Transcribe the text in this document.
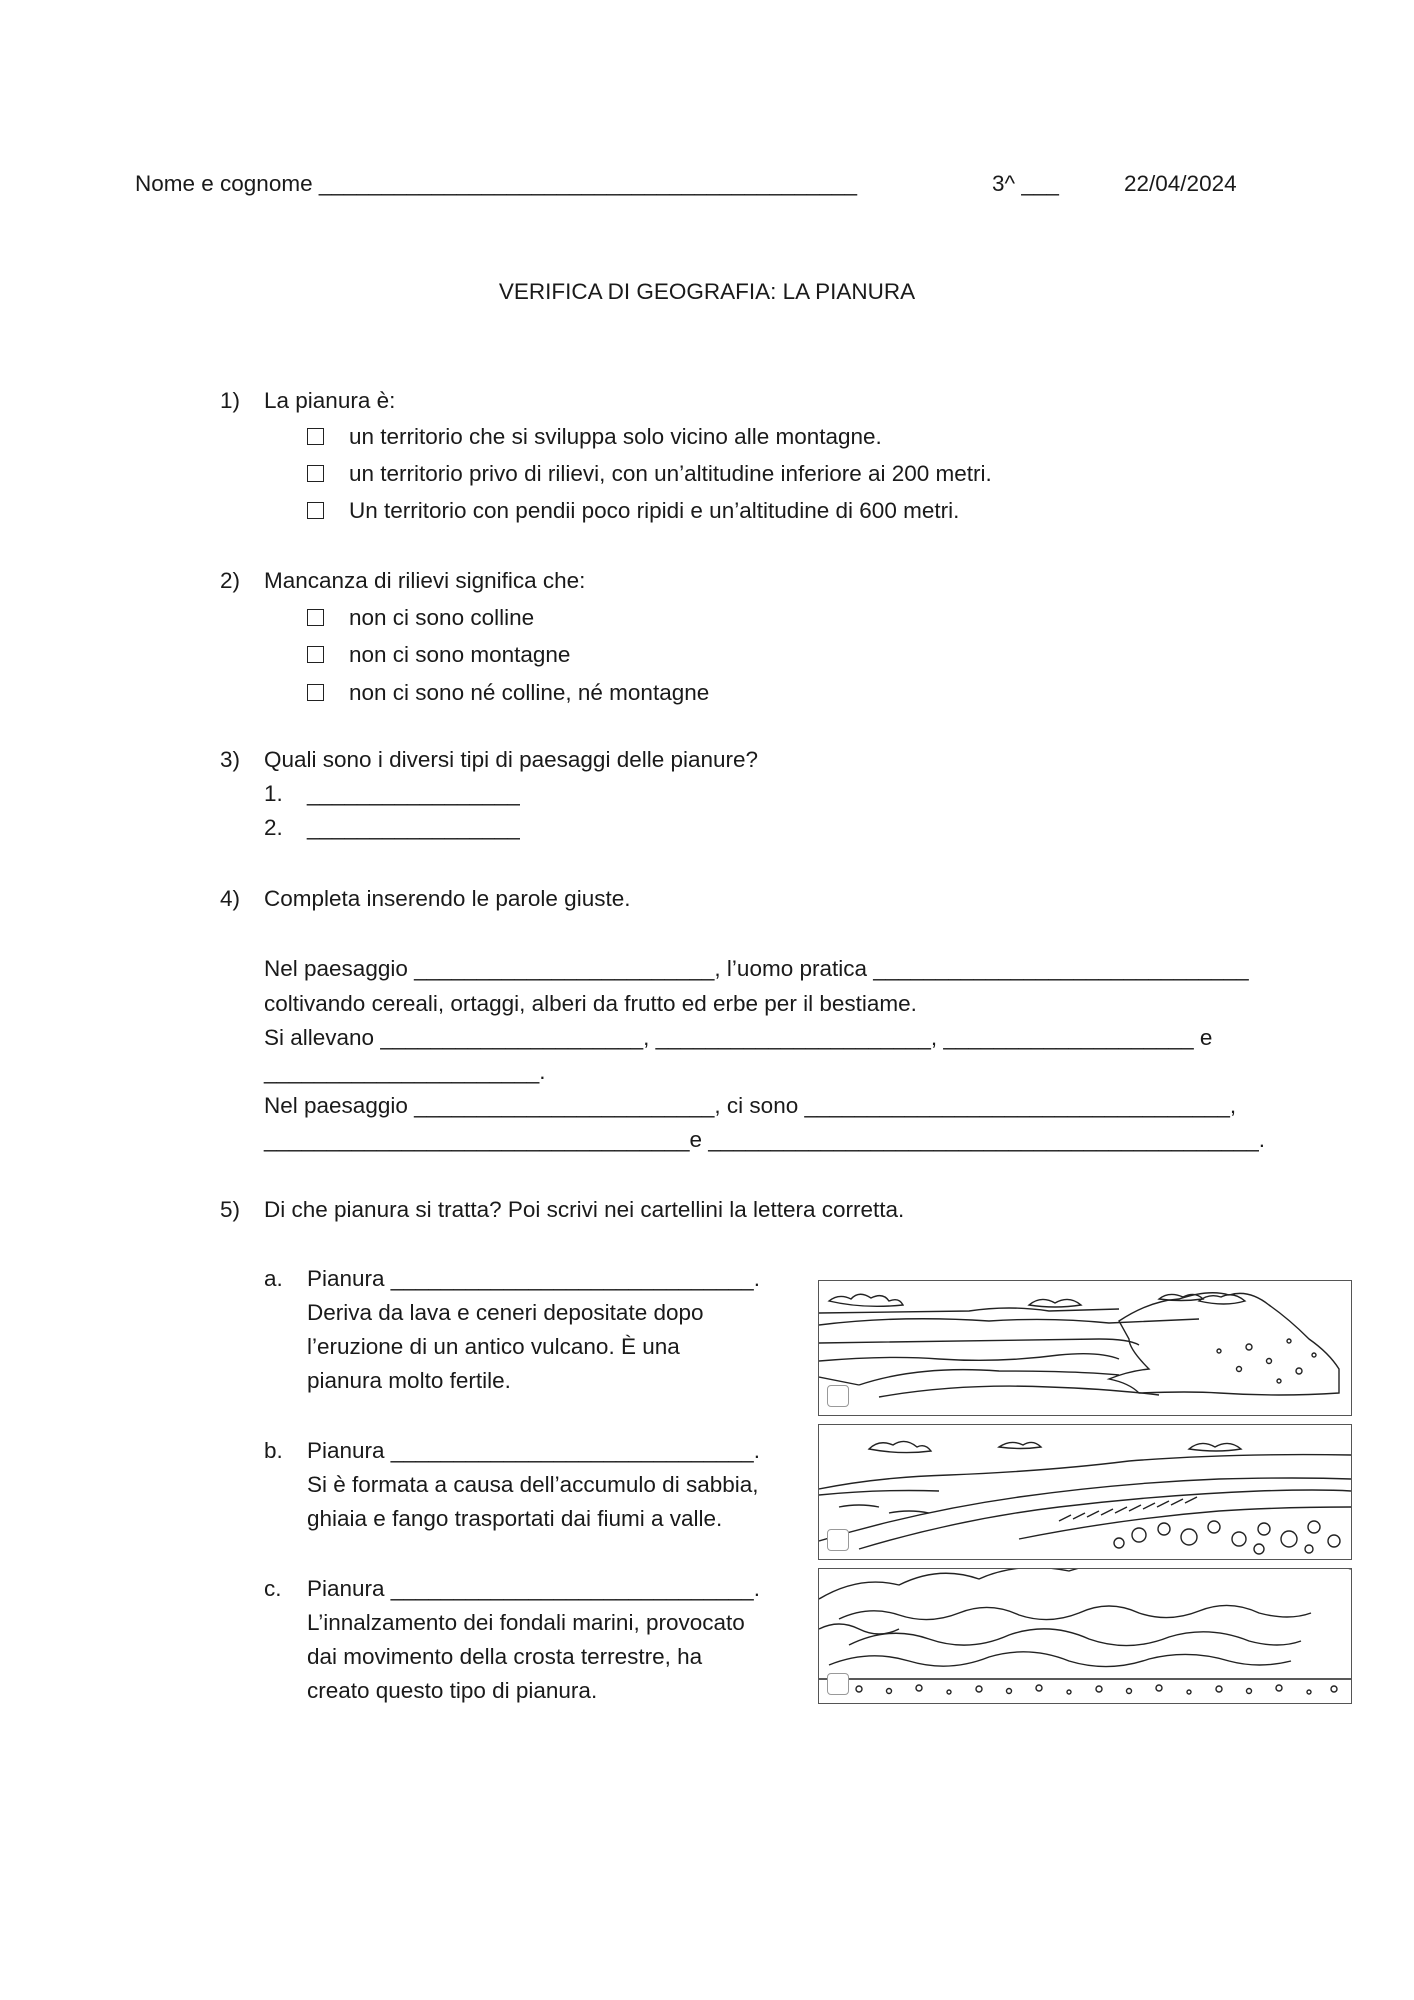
Nome e cognome ___________________________________________	3^ ___	22/04/2024
VERIFICA DI GEOGRAFIA: LA PIANURA
1) La pianura è:
un territorio che si sviluppa solo vicino alle montagne.
un territorio privo di rilievi, con un’altitudine inferiore ai 200 metri.
Un territorio con pendii poco ripidi e un’altitudine di 600 metri.
2) Mancanza di rilievi significa che:
non ci sono colline
non ci sono montagne
non ci sono né colline, né montagne
3) Quali sono i diversi tipi di paesaggi delle pianure?
1. _________________
2. _________________
4) Completa inserendo le parole giuste.
Nel paesaggio ________________________, l’uomo pratica ______________________________
coltivando cereali, ortaggi, alberi da frutto ed erbe per il bestiame.
Si allevano _____________________, ______________________, ____________________ e
______________________.
Nel paesaggio ________________________, ci sono __________________________________,
__________________________________e ____________________________________________.
5) Di che pianura si tratta? Poi scrivi nei cartellini la lettera corretta.
a. Pianura _____________________________.
Deriva da lava e ceneri depositate dopo
l’eruzione di un antico vulcano. È una
pianura molto fertile.
b. Pianura _____________________________.
Si è formata a causa dell’accumulo di sabbia,
ghiaia e fango trasportati dai fiumi a valle.
c. Pianura _____________________________.
L’innalzamento dei fondali marini, provocato
dai movimento della crosta terrestre, ha
creato questo tipo di pianura.
